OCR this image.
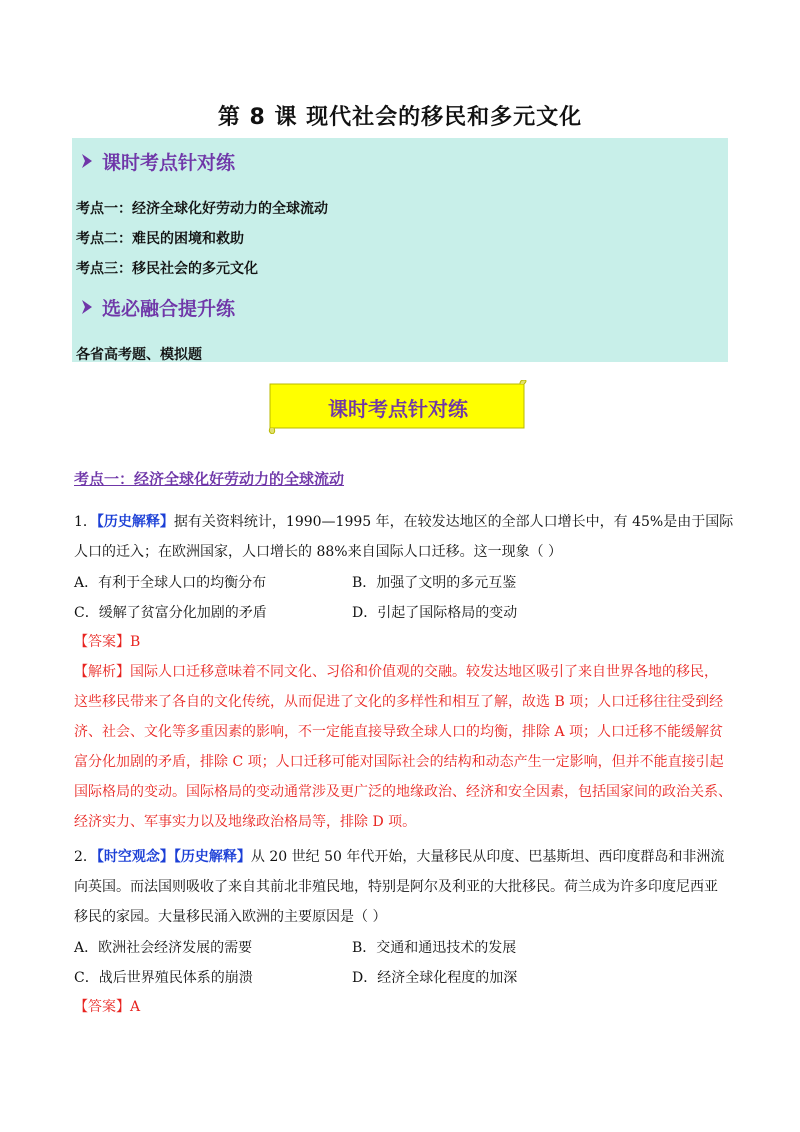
第 8 课 现代社会的移民和多元文化
课时考点针对练
考点一：经济全球化好劳动力的全球流动
考点二：难民的困境和救助
考点三：移民社会的多元文化
选必融合提升练
各省高考题、模拟题
课时考点针对练
考点一：经济全球化好劳动力的全球流动
1．【历史解释】据有关资料统计，1990—1995 年，在较发达地区的全部人口增长中，有 45%是由于国际
人口的迁入；在欧洲国家，人口增长的 88%来自国际人口迁移。这一现象（ ）
A．有利于全球人口的均衡分布	B．加强了文明的多元互鉴
C．缓解了贫富分化加剧的矛盾	D．引起了国际格局的变动
【答案】B
【解析】国际人口迁移意味着不同文化、习俗和价值观的交融。较发达地区吸引了来自世界各地的移民，
这些移民带来了各自的文化传统，从而促进了文化的多样性和相互了解，故选 B 项；人口迁移往往受到经
济、社会、文化等多重因素的影响，不一定能直接导致全球人口的均衡，排除 A 项；人口迁移不能缓解贫
富分化加剧的矛盾，排除 C 项；人口迁移可能对国际社会的结构和动态产生一定影响，但并不能直接引起
国际格局的变动。国际格局的变动通常涉及更广泛的地缘政治、经济和安全因素，包括国家间的政治关系、
经济实力、军事实力以及地缘政治格局等，排除 D 项。
2．【时空观念】【历史解释】从 20 世纪 50 年代开始，大量移民从印度、巴基斯坦、西印度群岛和非洲流
向英国。而法国则吸收了来自其前北非殖民地，特别是阿尔及利亚的大批移民。荷兰成为许多印度尼西亚
移民的家园。大量移民涌入欧洲的主要原因是（ ）
A．欧洲社会经济发展的需要	B．交通和通迅技术的发展
C．战后世界殖民体系的崩溃	D．经济全球化程度的加深
【答案】A
